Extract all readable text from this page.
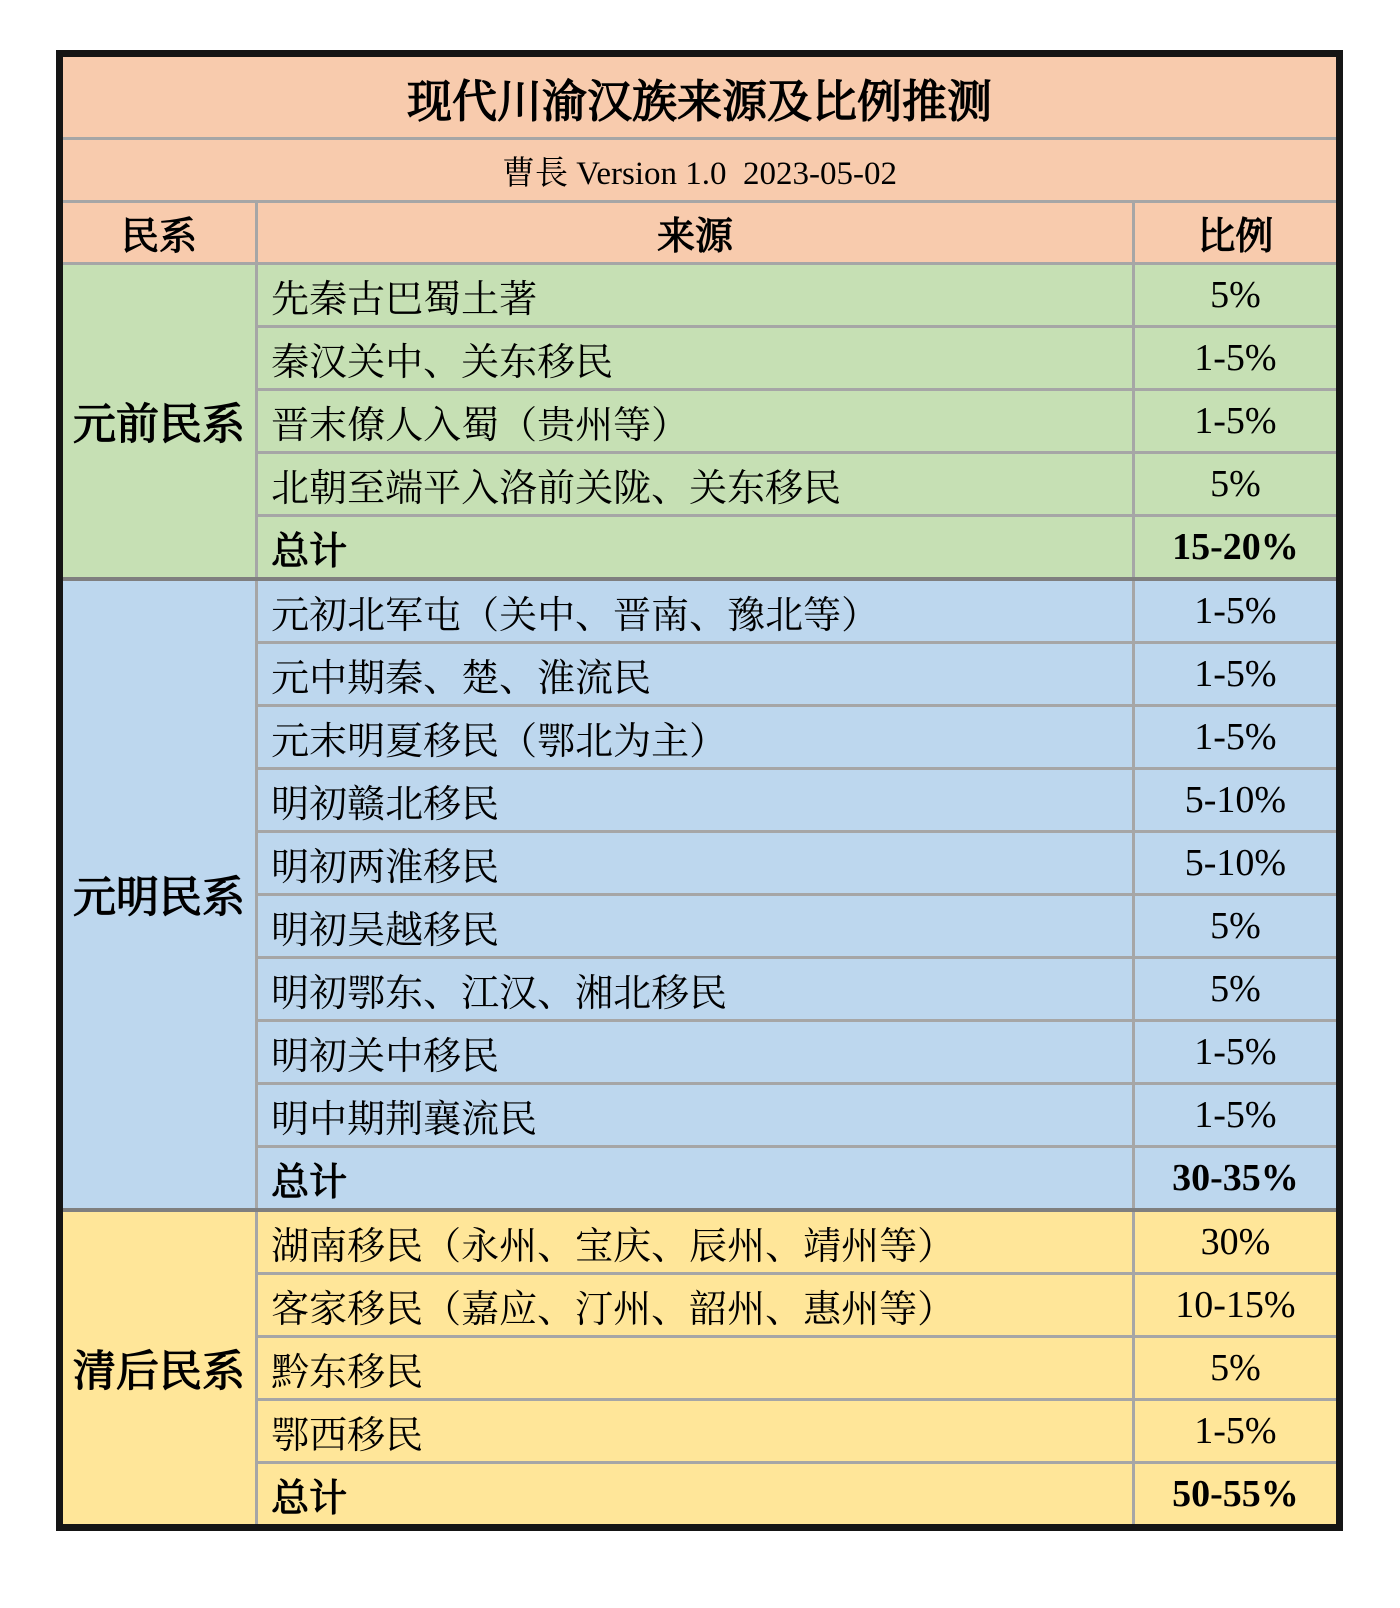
现代川渝汉族来源及比例推测		
曹長 Version 1.0  2023-05-02		
民系	来源	比例
元前民系	先秦古巴蜀土著	5%
	秦汉关中、关东移民	1-5%
	晋末僚人入蜀（贵州等）	1-5%
	北朝至端平入洛前关陇、关东移民	5%
	总计	15-20%
元明民系	元初北军屯（关中、晋南、豫北等）	1-5%
	元中期秦、楚、淮流民	1-5%
	元末明夏移民（鄂北为主）	1-5%
	明初赣北移民	5-10%
	明初两淮移民	5-10%
	明初吴越移民	5%
	明初鄂东、江汉、湘北移民	5%
	明初关中移民	1-5%
	明中期荆襄流民	1-5%
	总计	30-35%
清后民系	湖南移民（永州、宝庆、辰州、靖州等）	30%
	客家移民（嘉应、汀州、韶州、惠州等）	10-15%
	黔东移民	5%
	鄂西移民	1-5%
	总计	50-55%
